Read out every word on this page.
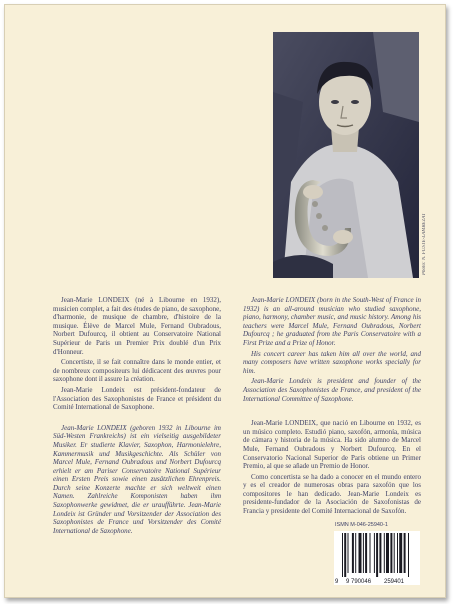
Photo: N. FUSTE-LAMBEZAT

Jean-Marie LONDEIX (né à Libourne en 1932), musicien complet, a fait des études de piano, de saxophone, d'harmonie, de musique de chambre, d'histoire de la musique. Élève de Marcel Mule, Fernand Oubradous, Norbert Dufourcq, il obtient au Conservatoire National Supérieur de Paris un Premier Prix doublé d'un Prix d'Honneur.

Concertiste, il se fait connaître dans le monde entier, et de nombreux compositeurs lui dédicacent des œuvres pour saxophone dont il assure la création.

Jean-Marie Londeix est président-fondateur de l'Association des Saxophonistes de France et président du Comité International de Saxophone.

Jean-Marie LONDEIX (geboren 1932 in Libourne im Süd-Westen Frankreichs) ist ein vielseitig ausgebildeter Musiker. Er studierte Klavier, Saxophon, Harmonielehre, Kammermusik und Musikgeschichte. Als Schüler von Marcel Mule, Fernand Oubradous und Norbert Dufourcq erhielt er am Pariser Conservatoire National Supérieur einen Ersten Preis sowie einen zusätzlichen Ehrenpreis. Durch seine Konzerte machte er sich weltweit einen Namen. Zahlreiche Komponisten haben ihm Saxophonwerke gewidmet, die er uraufführte. Jean-Marie Londeix ist Gründer und Vorsitzender der Association des Saxophonistes de France und Vorsitzender des Comité International de Saxophone.

Jean-Marie LONDEIX (born in the South-West of France in 1932) is an all-around musician who studied saxophone, piano, harmony, chamber music, and music history. Among his teachers were Marcel Mule, Fernand Oubradous, Norbert Dufourcq ; he graduated from the Paris Conservatoire with a First Prize and a Prize of Honor.

His concert career has taken him all over the world, and many composers have written saxophone works specially for him.

Jean-Marie Londeix is president and founder of the Association des Saxophonistes de France, and president of the International Committee of Saxophone.

Jean-Marie LONDEIX, que nació en Libourne en 1932, es un músico completo. Estudió piano, saxofón, armonía, música de cámara y historia de la música. Ha sido alumno de Marcel Mule, Fernand Oubradous y Norbert Dufourcq. En el Conservatorio Nacional Superior de París obtiene un Primer Premio, al que se añade un Premio de Honor.

Como concertista se ha dado a conocer en el mundo entero y es el creador de numerosas obras para saxofón que los compositores le han dedicado. Jean-Marie Londeix es presidente-fundador de la Asociación de Saxofonistas de Francia y presidente del Comité Internacional de Saxofón.

ISMN M-046-25940-1
9 9 790046 259401
